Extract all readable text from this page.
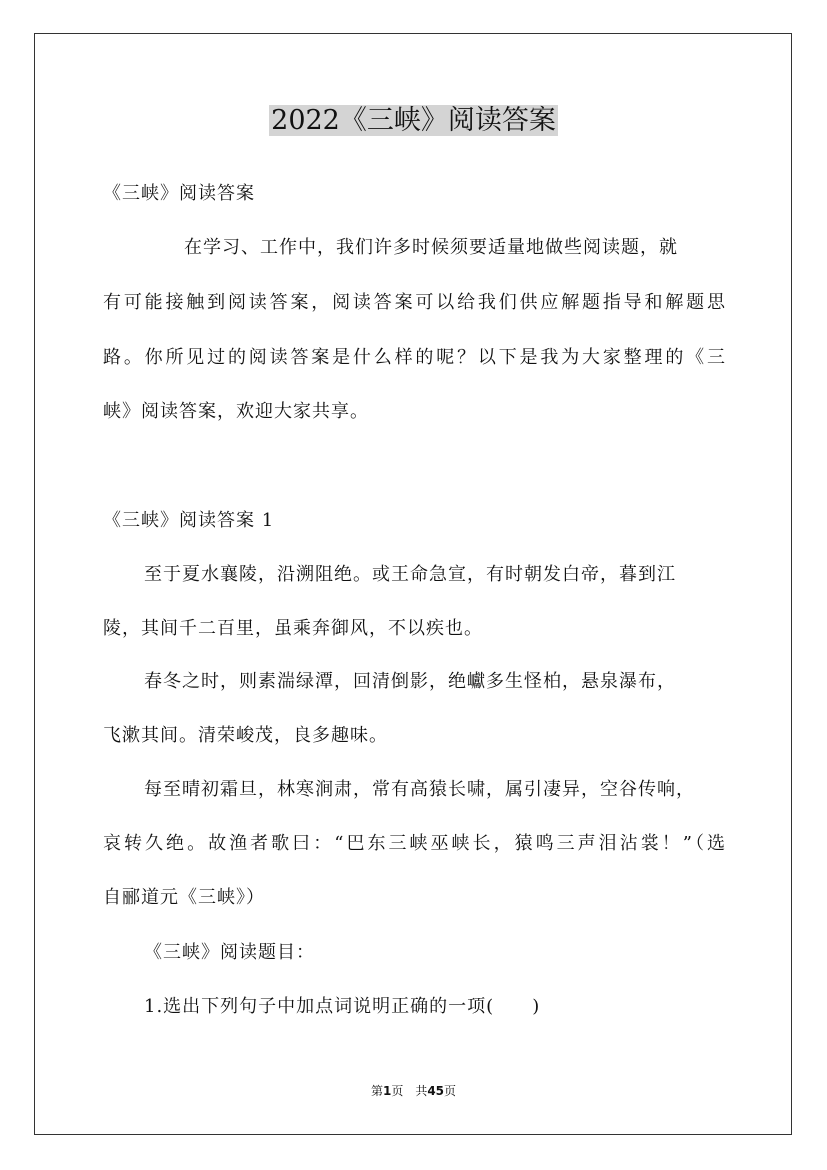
2022《三峡》阅读答案
《三峡》阅读答案
在学习、工作中，我们许多时候须要适量地做些阅读题，就
有可能接触到阅读答案，阅读答案可以给我们供应解题指导和解题思
路。你所见过的阅读答案是什么样的呢？以下是我为大家整理的《三
峡》阅读答案，欢迎大家共享。
《三峡》阅读答案 1
至于夏水襄陵，沿溯阻绝。或王命急宣，有时朝发白帝，暮到江
陵，其间千二百里，虽乘奔御风，不以疾也。
春冬之时，则素湍绿潭，回清倒影，绝巘多生怪柏，悬泉瀑布，
飞漱其间。清荣峻茂，良多趣味。
每至晴初霜旦，林寒涧肃，常有高猿长啸，属引凄异，空谷传响，
哀转久绝。故渔者歌曰：“巴东三峡巫峡长，猿鸣三声泪沾裳！”（选
自郦道元《三峡》）
《三峡》阅读题目：
1.选出下列句子中加点词说明正确的一项(　　)
第1页　共45页
